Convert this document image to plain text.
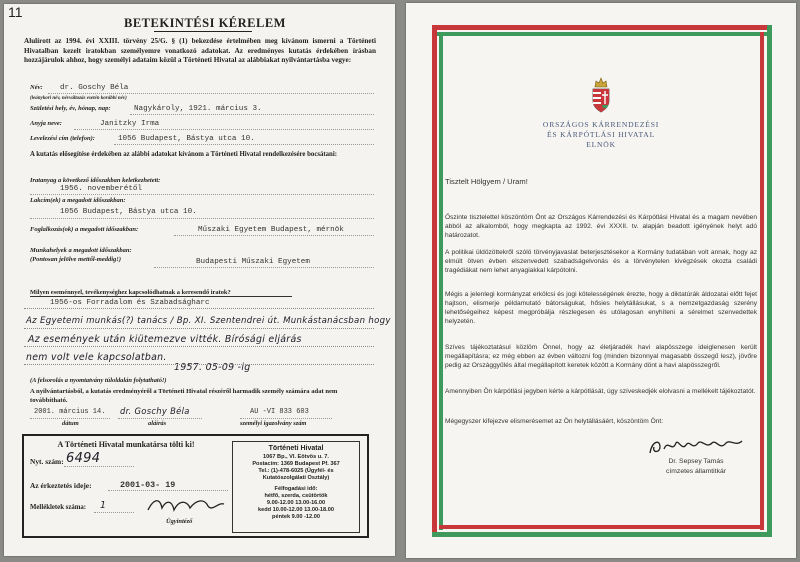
11
BETEKINTÉSI KÉRELEM
Alulírott az 1994. évi XXIII. törvény 25/G. § (1) bekezdése értelmében meg kívánom ismerni a Történeti Hivatalban kezelt iratokban személyemre vonatkozó adatokat. Az eredményes kutatás érdekében írásban hozzájárulok ahhoz, hogy személyi adataim közül a Történeti Hivatal az alábbiakat nyilvántartásba vegye:
Név: dr. Goschy Béla
(leánykori név, névváltozás esetén korábbi név)
Születési hely, év, hónap, nap:	Nagykároly, 1921. március 3.
Anyja neve:	Janitzky Irma
Levelezési cím (telefon):	1056 Budapest, Bástya utca 10.
A kutatás elősegítése érdekében az alábbi adatokat kívánom a Történeti Hivatal rendelkezésére bocsátani:
Iratanyag a következő időszakban keletkezhetett:
1956. novemberétől
Lakcím(ek) a megadott időszakban:
1056 Budapest, Bástya utca 10.
Foglalkozás(ok) a megadott időszakban:	Műszaki Egyetem Budapest, mérnök
Munkahelyek a megadott időszakban:
(Pontosan jelölve mettől-meddig!)	Budapesti Műszaki Egyetem
Milyen eseménnyel, tevékenységhez kapcsolódhatnak a keresendő iratok?
1956-os Forradalom és Szabadságharc
Az Egyetemi munkás(?) tanács / Bp. XI. Szentendrei út. Munkástanácsban hogy
Az események után kiütemezve vitték. Bírósági eljárás
nem volt vele kapcsolatban.
1957. 05-09 -ig
(A felsorolás a nyomtatvány túloldalán folytatható!)
A nyilvántartásból, a kutatás eredményéről a Történeti Hivatal részéről harmadik személy számára adat nem továbbítható.
2001. március 14. dr. Goschy Béla	AU -VI 833 603
dátum	aláírás	személyi igazolvány szám
A Történeti Hivatal munkatársa tölti ki!
Nyt. szám: 6494
Az érkeztetés ideje:	2001-03- 19
Mellékletek száma: 1
Ügyintéző
Történeti Hivatal
1067 Bp., VI. Eötvös u. 7.
Postacím: 1369 Budapest Pf. 367
Tel.: (1)-478-6025 (Ügyfél- és
Kutatószolgálati Osztály)
Félfogadási idő:
hétfő, szerda, csütörtök
9.00-12.00 13.00-16.00
kedd 10.00-12.00 13.00-18.00
péntek 9.00 -12.00
ORSZÁGOS KÁRRENDEZÉSI
ÉS KÁRPÓTLÁSI HIVATAL
ELNÖK
Tisztelt Hölgyem / Uram!
Őszinte tisztelettel köszöntöm Önt az Országos Kárrendezési és Kárpótlási Hivatal és a magam nevében abból az alkalomból, hogy megkapta az 1992. évi XXXII. tv. alapján beadott igényének helyt adó határozatot.
A politikai üldözöttekről szóló törvényjavaslat beterjesztésekor a Kormány tudatában volt annak, hogy az elmúlt ötven évben elszenvedett szabadságelvonás és a törvénytelen kivégzések okozta családi tragédiákat nem lehet anyagiakkal kárpótolni.
Mégis a jelenlegi kormányzat erkölcsi és jogi kötelességének érezte, hogy a diktatúrák áldozatai előtt fejet hajtson, elismerje példamutató bátorságukat, hősies helytállásukat, s a nemzetgazdaság szerény lehetőségeihez képest megpróbálja részlegesen és utólagosan enyhíteni a sérelmet szenvedettek helyzetén.
Szíves tájékoztatásul közlöm Önnel, hogy az életjáradék havi alapösszege ideiglenesen került megállapításra; ez még ebben az évben változni fog (minden bizonnyal magasabb összegű lesz), jövőre pedig az Országgyűlés által megállapított keretek között a Kormány dönt a havi alapösszegről.
Amennyiben Ön kárpótlási jegyben kérte a kárpótlását, úgy szíveskedjék elolvasni a mellékelt tájékoztatót.
Mégegyszer kifejezve elismerésemet az Ön helytállásáért, köszöntöm Önt:
Dr. Sepsey Tamás
címzetes államtitkár
